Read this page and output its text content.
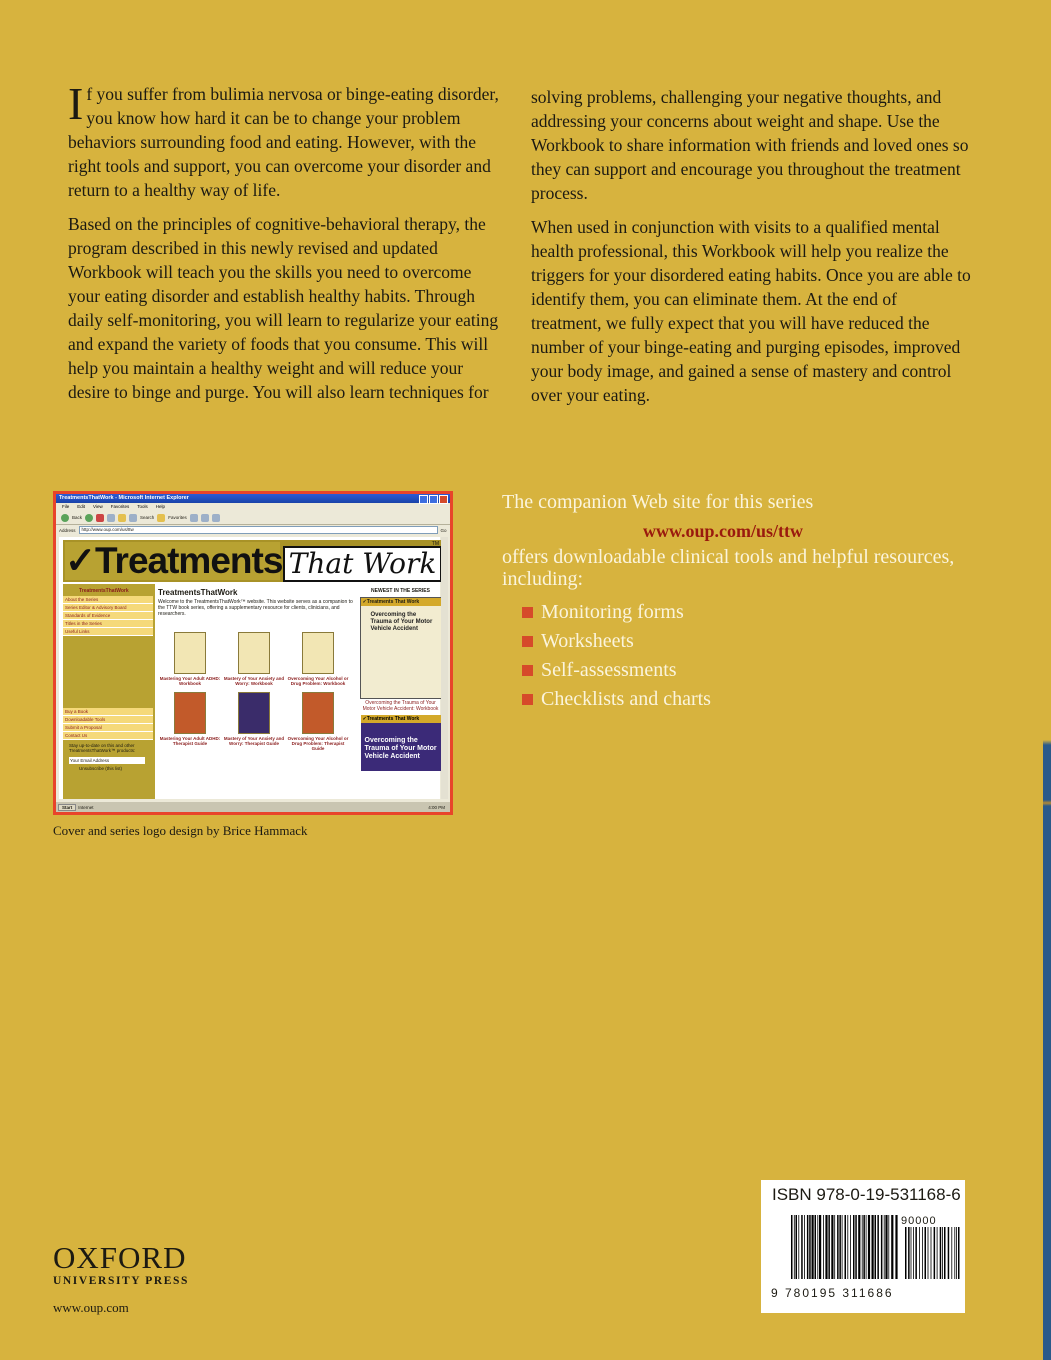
If you suffer from bulimia nervosa or binge-eating disorder, you know how hard it can be to change your problem behaviors surrounding food and eating. However, with the right tools and support, you can overcome your disorder and return to a healthy way of life.

Based on the principles of cognitive-behavioral therapy, the program described in this newly revised and updated Workbook will teach you the skills you need to overcome your eating disorder and establish healthy habits. Through daily self-monitoring, you will learn to regularize your eating and expand the variety of foods that you consume. This will help you maintain a healthy weight and will reduce your desire to binge and purge. You will also learn techniques for

solving problems, challenging your negative thoughts, and addressing your concerns about weight and shape. Use the Workbook to share information with friends and loved ones so they can support and encourage you throughout the treatment process.

When used in conjunction with visits to a qualified mental health professional, this Workbook will help you realize the triggers for your disordered eating habits. Once you are able to identify them, you can eliminate them. At the end of treatment, we fully expect that you will have reduced the number of your binge-eating and purging episodes, improved your body image, and gained a sense of mastery and control over your eating.

TreatmentsThatWork - Microsoft Internet Explorer
File Edit View Favorites Tools Help
Back	Search	Favorites
Address	http://www.oup.com/us/ttw	Go
✓Treatments That Work
TM
TreatmentsThatWork
About the Series
Series Editor & Advisory Board
Standards of Evidence
Titles in the Series
Useful Links
Buy a Book
Downloadable Tools
Submit a Proposal
Contact Us
Stay up-to-date on this and other TreatmentsThatWork™ products:
Your Email Address
Unsubscribe (this list)
TreatmentsThatWork
Welcome to the TreatmentsThatWork™ website. This website serves as a companion to the TTW book series, offering a supplementary resource for clients, clinicians, and researchers.
Mastering Your Adult ADHD: Workbook
Mastery of Your Anxiety and Worry: Workbook
Overcoming Your Alcohol or Drug Problem: Workbook
Mastering Your Adult ADHD: Therapist Guide
Mastery of Your Anxiety and Worry: Therapist Guide
Overcoming Your Alcohol or Drug Problem: Therapist Guide
NEWEST IN THE SERIES
✓Treatments That Work
Overcoming the Trauma of Your Motor Vehicle Accident
Overcoming the Trauma of Your Motor Vehicle Accident: Workbook
✓Treatments That Work
Overcoming the Trauma of Your Motor Vehicle Accident
Start	Internet	4:00 PM
Cover and series logo design by Brice Hammack

The companion Web site for this series

www.oup.com/us/ttw

offers downloadable clinical tools and helpful resources, including:

Monitoring forms
Worksheets
Self-assessments
Checklists and charts
OXFORD
UNIVERSITY PRESS
www.oup.com
ISBN 978-0-19-531168-6
90000
9 780195 311686
